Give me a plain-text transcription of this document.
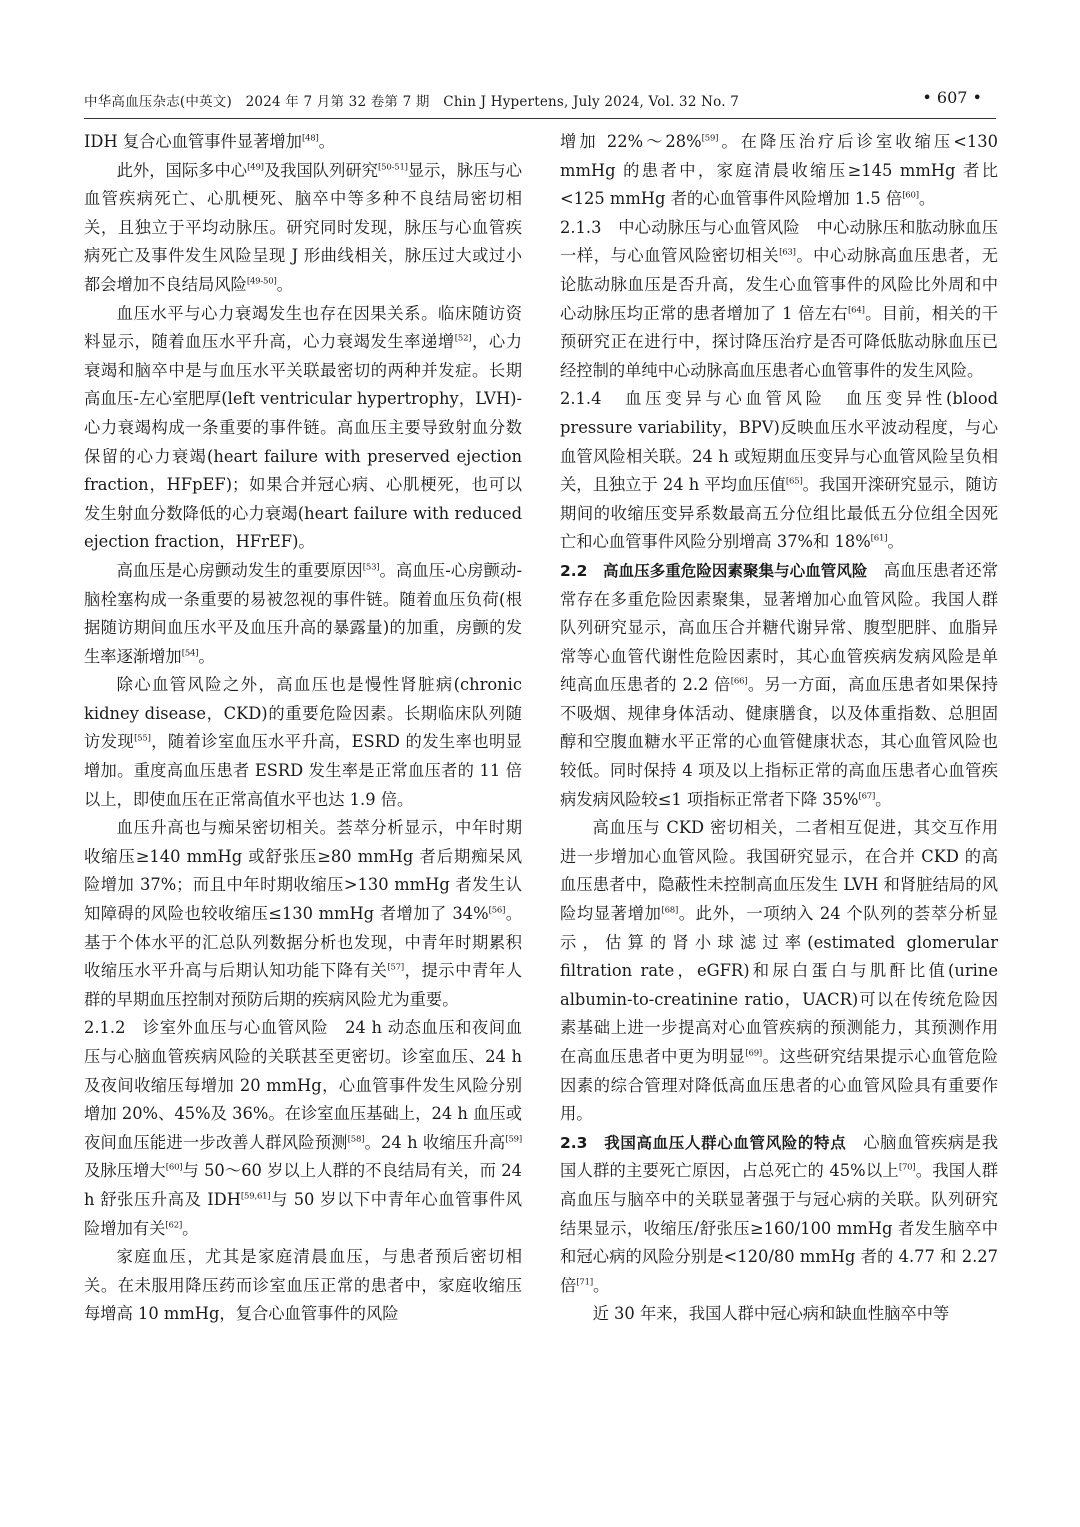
中华高血压杂志(中英文)　 2024 年 7 月第 32 卷第 7 期　 Chin J Hypertens, July 2024, Vol. 32 No. 7	• 607 •

IDH 复合心血管事件显著增加[48]。

此外，国际多中心[49]及我国队列研究[50-51]显示，脉压与心血管疾病死亡、心肌梗死、脑卒中等多种不良结局密切相关，且独立于平均动脉压。研究同时发现，脉压与心血管疾病死亡及事件发生风险呈现 J 形曲线相关，脉压过大或过小都会增加不良结局风险[49-50]。

血压水平与心力衰竭发生也存在因果关系。临床随访资料显示，随着血压水平升高，心力衰竭发生率递增[52]，心力衰竭和脑卒中是与血压水平关联最密切的两种并发症。长期高血压-左心室肥厚(left ventricular hypertrophy，LVH)-心力衰竭构成一条重要的事件链。高血压主要导致射血分数保留的心力衰竭(heart failure with preserved ejection fraction，HFpEF)；如果合并冠心病、心肌梗死，也可以发生射血分数降低的心力衰竭(heart failure with reduced ejection fraction，HFrEF)。

高血压是心房颤动发生的重要原因[53]。高血压-心房颤动-脑栓塞构成一条重要的易被忽视的事件链。随着血压负荷(根据随访期间血压水平及血压升高的暴露量)的加重，房颤的发生率逐渐增加[54]。

除心血管风险之外，高血压也是慢性肾脏病(chronic kidney disease，CKD)的重要危险因素。长期临床队列随访发现[55]，随着诊室血压水平升高，ESRD 的发生率也明显增加。重度高血压患者 ESRD 发生率是正常血压者的 11 倍以上，即使血压在正常高值水平也达 1.9 倍。

血压升高也与痴呆密切相关。荟萃分析显示，中年时期收缩压≥140 mmHg 或舒张压≥80 mmHg 者后期痴呆风险增加 37%；而且中年时期收缩压>130 mmHg 者发生认知障碍的风险也较收缩压≤130 mmHg 者增加了 34%[56]。基于个体水平的汇总队列数据分析也发现，中青年时期累积收缩压水平升高与后期认知功能下降有关[57]，提示中青年人群的早期血压控制对预防后期的疾病风险尤为重要。

2.1.2　诊室外血压与心血管风险　24 h 动态血压和夜间血压与心脑血管疾病风险的关联甚至更密切。诊室血压、24 h 及夜间收缩压每增加 20 mmHg，心血管事件发生风险分别增加 20%、45%及 36%。在诊室血压基础上，24 h 血压或夜间血压能进一步改善人群风险预测[58]。24 h 收缩压升高[59]及脉压增大[60]与 50～60 岁以上人群的不良结局有关，而 24 h 舒张压升高及 IDH[59,61]与 50 岁以下中青年心血管事件风险增加有关[62]。

家庭血压，尤其是家庭清晨血压，与患者预后密切相关。在未服用降压药而诊室血压正常的患者中，家庭收缩压每增高 10 mmHg，复合心血管事件的风险

增加 22%～28%[59]。在降压治疗后诊室收缩压<130 mmHg 的患者中，家庭清晨收缩压≥145 mmHg 者比<125 mmHg 者的心血管事件风险增加 1.5 倍[60]。

2.1.3　中心动脉压与心血管风险　中心动脉压和肱动脉血压一样，与心血管风险密切相关[63]。中心动脉高血压患者，无论肱动脉血压是否升高，发生心血管事件的风险比外周和中心动脉压均正常的患者增加了 1 倍左右[64]。目前，相关的干预研究正在进行中，探讨降压治疗是否可降低肱动脉血压已经控制的单纯中心动脉高血压患者心血管事件的发生风险。

2.1.4　血压变异与心血管风险　血压变异性(blood pressure variability，BPV)反映血压水平波动程度，与心血管风险相关联。24 h 或短期血压变异与心血管风险呈负相关，且独立于 24 h 平均血压值[65]。我国开滦研究显示，随访期间的收缩压变异系数最高五分位组比最低五分位组全因死亡和心血管事件风险分别增高 37%和 18%[61]。

2.2　高血压多重危险因素聚集与心血管风险　高血压患者还常常存在多重危险因素聚集，显著增加心血管风险。我国人群队列研究显示，高血压合并糖代谢异常、腹型肥胖、血脂异常等心血管代谢性危险因素时，其心血管疾病发病风险是单纯高血压患者的 2.2 倍[66]。另一方面，高血压患者如果保持不吸烟、规律身体活动、健康膳食，以及体重指数、总胆固醇和空腹血糖水平正常的心血管健康状态，其心血管风险也较低。同时保持 4 项及以上指标正常的高血压患者心血管疾病发病风险较≤1 项指标正常者下降 35%[67]。

高血压与 CKD 密切相关，二者相互促进，其交互作用进一步增加心血管风险。我国研究显示，在合并 CKD 的高血压患者中，隐蔽性未控制高血压发生 LVH 和肾脏结局的风险均显著增加[68]。此外，一项纳入 24 个队列的荟萃分析显示，估算的肾小球滤过率(estimated glomerular filtration rate，eGFR)和尿白蛋白与肌酐比值(urine albumin-to-creatinine ratio，UACR)可以在传统危险因素基础上进一步提高对心血管疾病的预测能力，其预测作用在高血压患者中更为明显[69]。这些研究结果提示心血管危险因素的综合管理对降低高血压患者的心血管风险具有重要作用。

2.3　我国高血压人群心血管风险的特点　心脑血管疾病是我国人群的主要死亡原因，占总死亡的 45%以上[70]。我国人群高血压与脑卒中的关联显著强于与冠心病的关联。队列研究结果显示，收缩压/舒张压≥160/100 mmHg 者发生脑卒中和冠心病的风险分别是<120/80 mmHg 者的 4.77 和 2.27 倍[71]。

近 30 年来，我国人群中冠心病和缺血性脑卒中等
